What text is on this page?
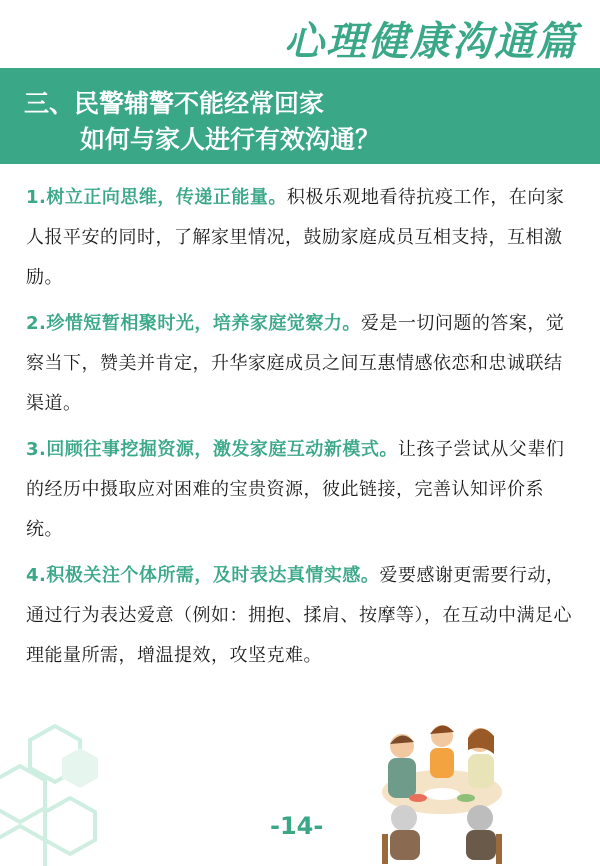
心理健康沟通篇
三、民警辅警不能经常回家
如何与家人进行有效沟通？

1.树立正向思维，传递正能量。积极乐观地看待抗疫工作，在向家人报平安的同时，了解家里情况，鼓励家庭成员互相支持，互相激励。

2.珍惜短暂相聚时光，培养家庭觉察力。爱是一切问题的答案，觉察当下，赞美并肯定，升华家庭成员之间互惠情感依恋和忠诚联结渠道。

3.回顾往事挖掘资源，激发家庭互动新模式。让孩子尝试从父辈们的经历中摄取应对困难的宝贵资源，彼此链接，完善认知评价系统。

4.积极关注个体所需，及时表达真情实感。爱要感谢更需要行动，通过行为表达爱意（例如：拥抱、揉肩、按摩等），在互动中满足心理能量所需，增温提效，攻坚克难。

-14-
